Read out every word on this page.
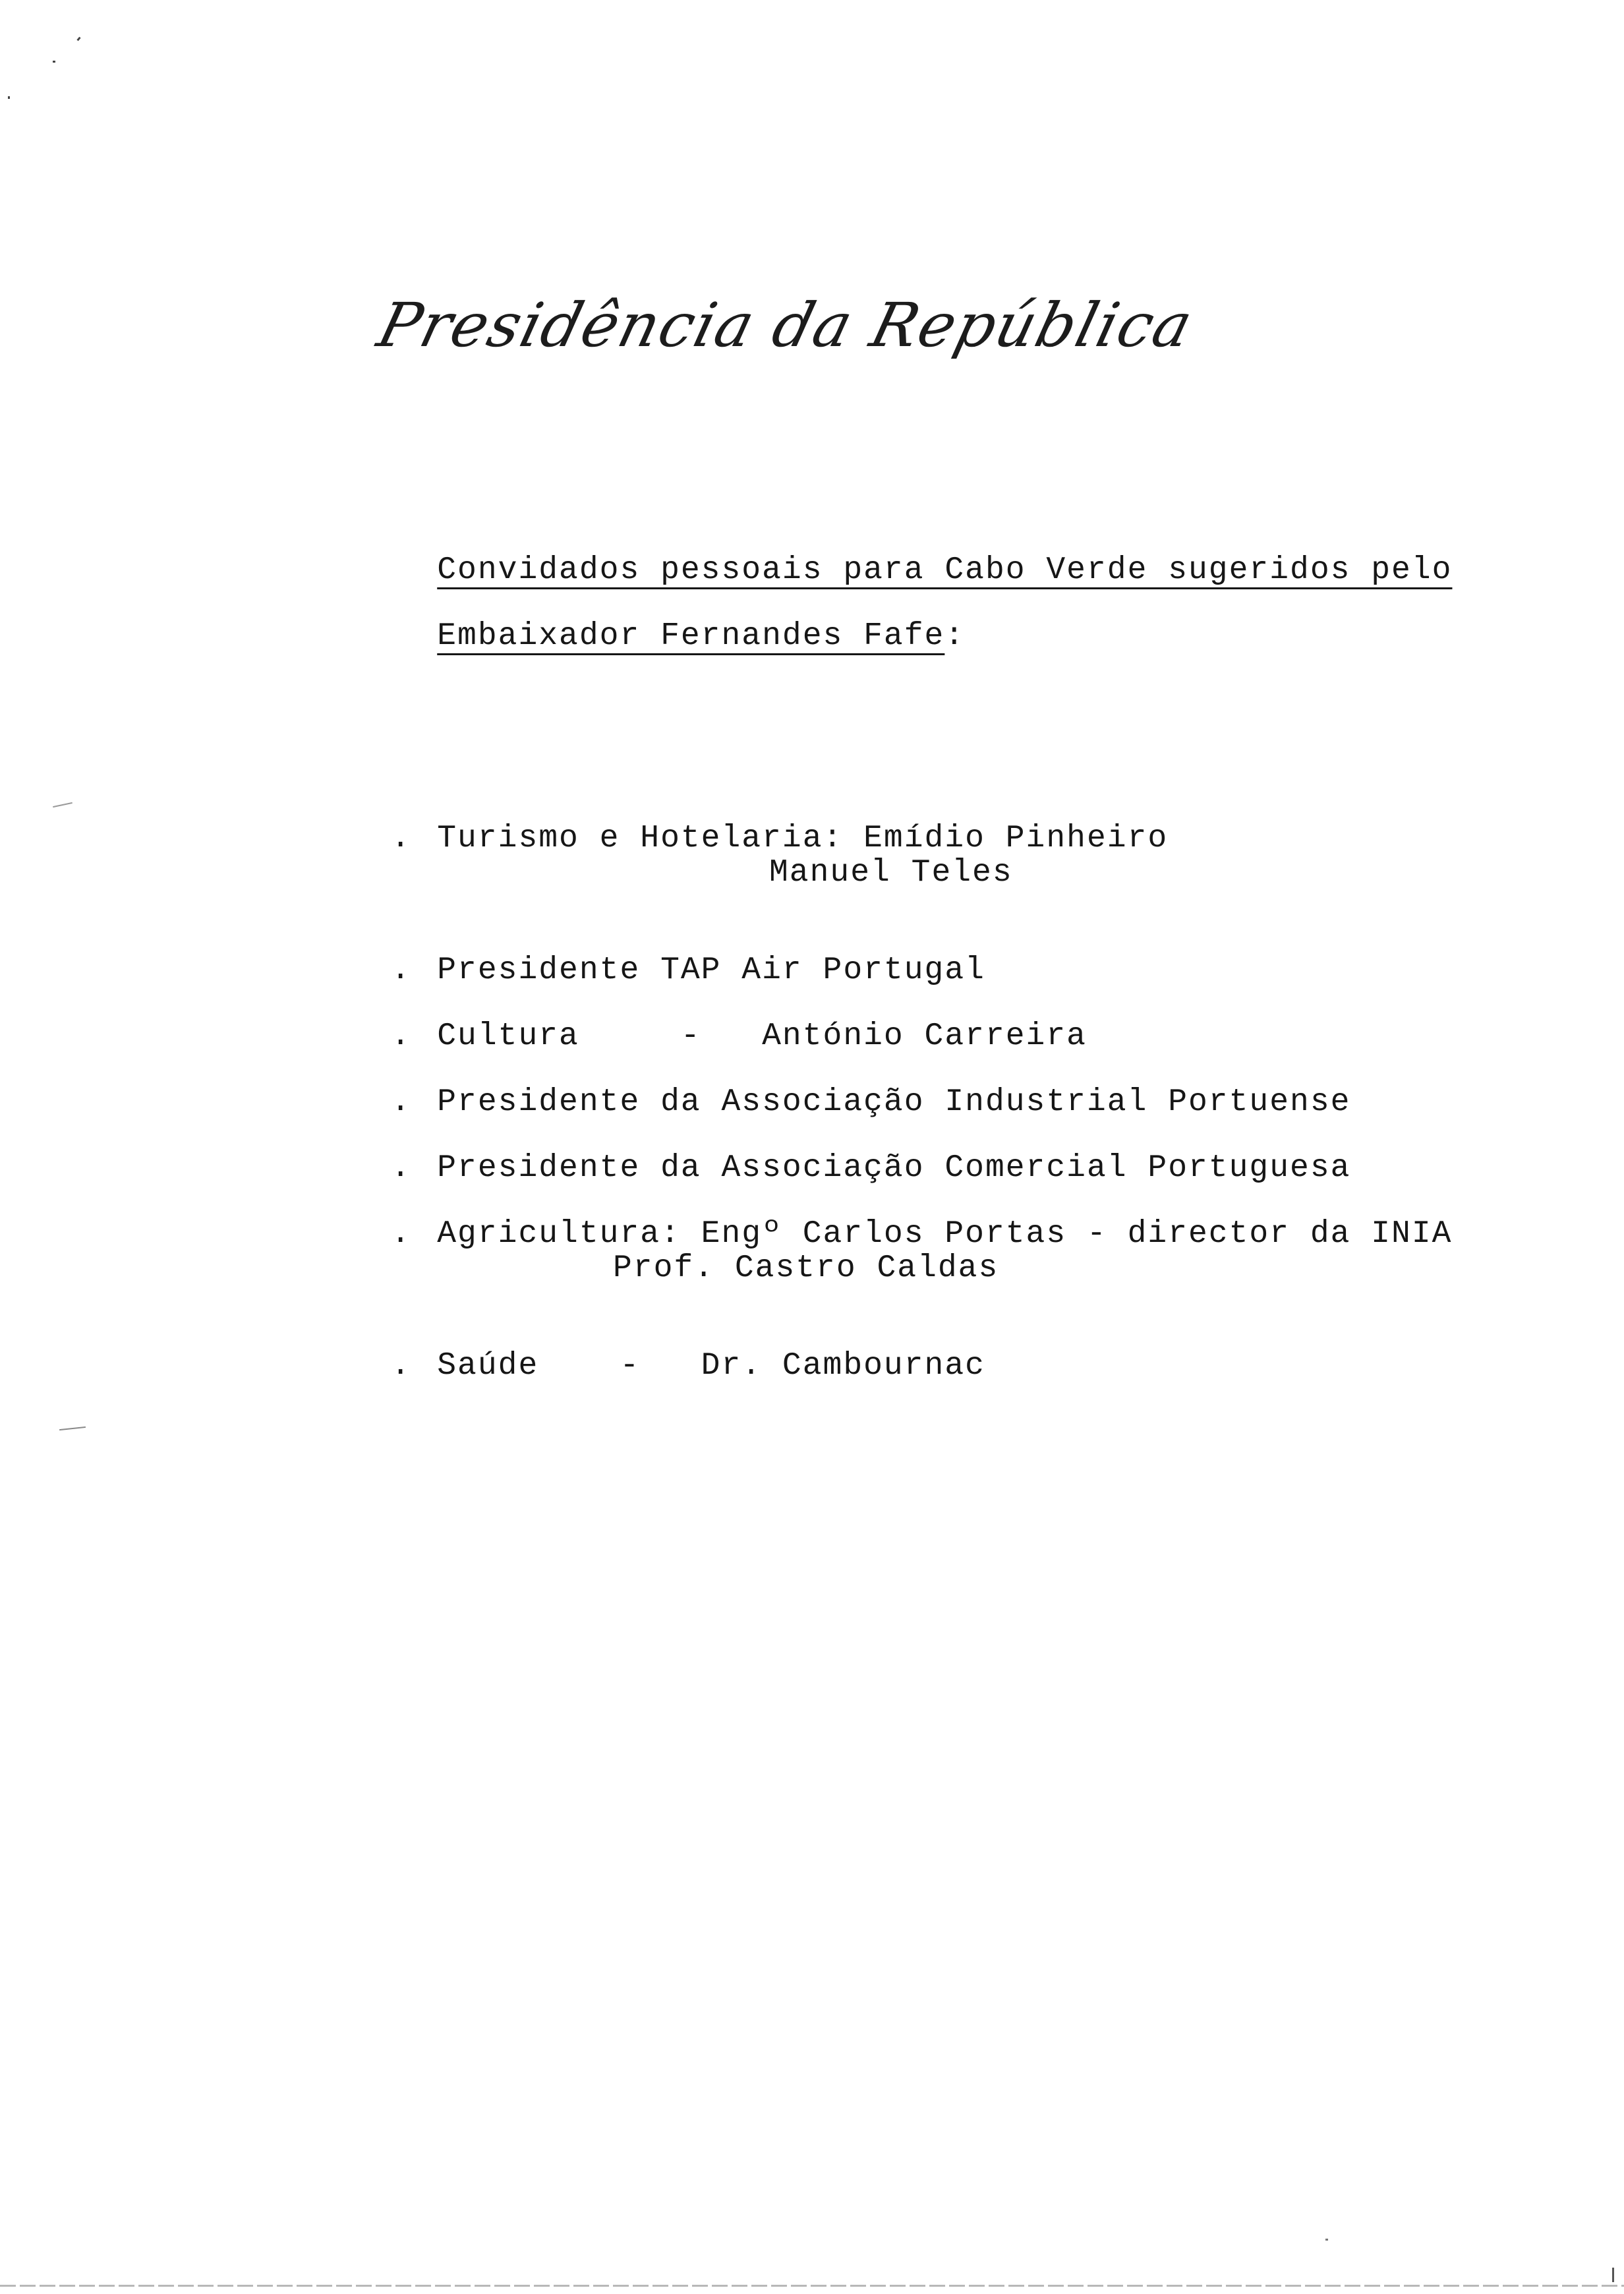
Presidência da República

Convidados pessoais para Cabo Verde sugeridos pelo

Embaixador Fernandes Fafe:

. Turismo e Hotelaria: Emídio Pinheiro

Manuel Teles

. Presidente TAP Air Portugal

. Cultura     -   António Carreira

. Presidente da Associação Industrial Portuense

. Presidente da Associação Comercial Portuguesa

. Agricultura: Engº Carlos Portas - director da INIA

Prof. Castro Caldas

. Saúde    -   Dr. Cambournac
